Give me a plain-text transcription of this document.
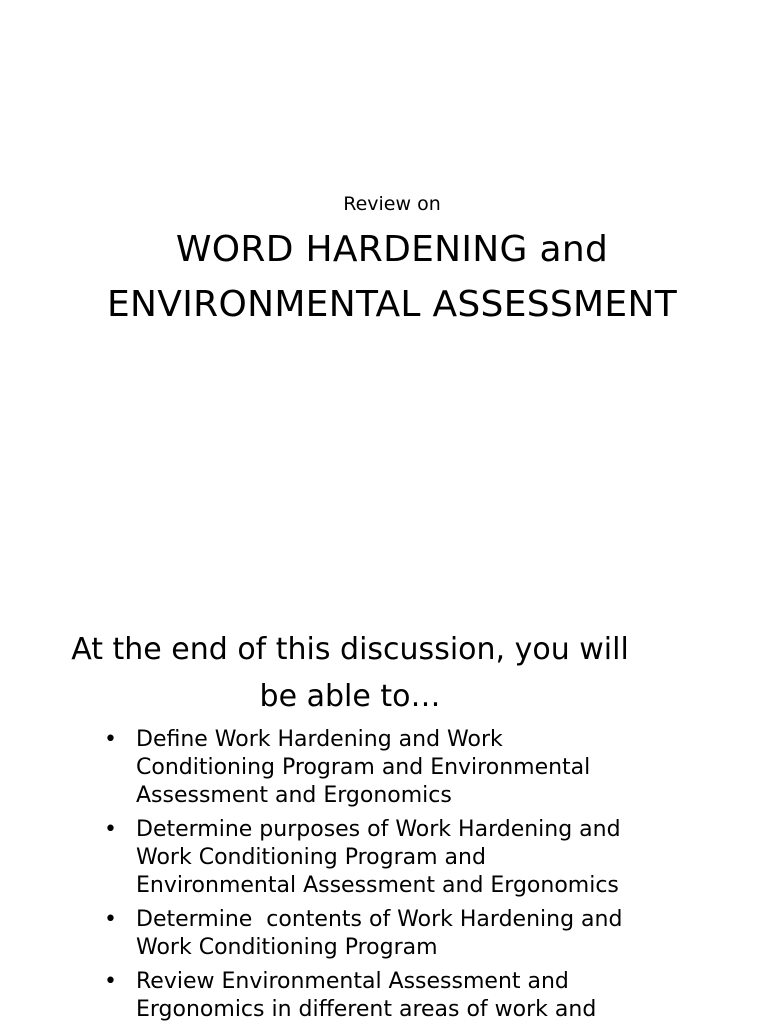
Review on
WORD HARDENING and
ENVIRONMENTAL ASSESSMENT
At the end of this discussion, you will
be able to…
• Define Work Hardening and Work
Conditioning Program and Environmental
Assessment and Ergonomics
• Determine purposes of Work Hardening and
Work Conditioning Program and
Environmental Assessment and Ergonomics
• Determine  contents of Work Hardening and
Work Conditioning Program
• Review Environmental Assessment and
Ergonomics in different areas of work and
